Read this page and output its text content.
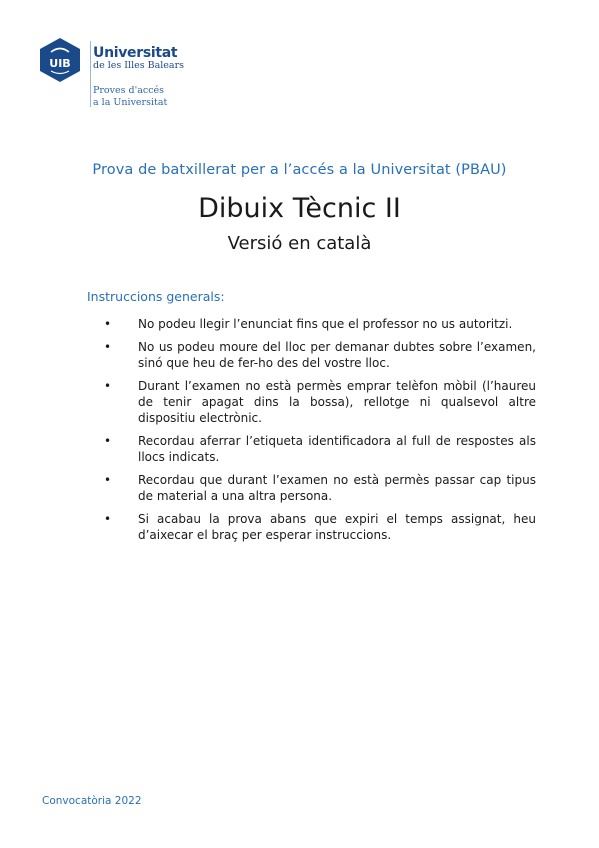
UIB
Universitat
de les Illes Balears
Proves d'accés
a la Universitat
Prova de batxillerat per a l’accés a la Universitat (PBAU)
Dibuix Tècnic II
Versió en català
Instruccions generals:
• No podeu llegir l’enunciat fins que el professor no us autoritzi.
• No us podeu moure del lloc per demanar dubtes sobre l’examen, sinó que heu de fer-ho des del vostre lloc.
• Durant l’examen no està permès emprar telèfon mòbil (l’haureu de tenir apagat dins la bossa), rellotge ni qualsevol altre dispositiu electrònic.
• Recordau aferrar l’etiqueta identificadora al full de respostes als llocs indicats.
• Recordau que durant l’examen no està permès passar cap tipus de material a una altra persona.
• Si acabau la prova abans que expiri el temps assignat, heu d’aixecar el braç per esperar instruccions.
Convocatòria 2022
